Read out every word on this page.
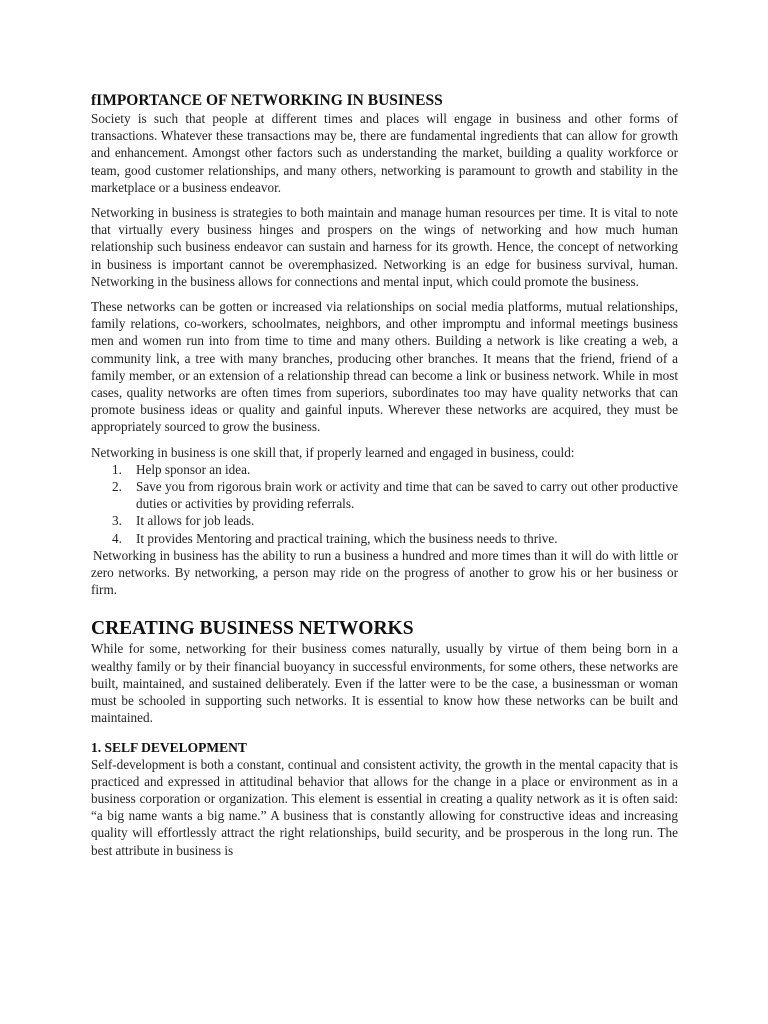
fIMPORTANCE OF NETWORKING IN BUSINESS

Society is such that people at different times and places will engage in business and other forms of transactions. Whatever these transactions may be, there are fundamental ingredients that can allow for growth and enhancement. Amongst other factors such as understanding the market, building a quality workforce or team, good customer relationships, and many others, networking is paramount to growth and stability in the marketplace or a business endeavor.

Networking in business is strategies to both maintain and manage human resources per time. It is vital to note that virtually every business hinges and prospers on the wings of networking and how much human relationship such business endeavor can sustain and harness for its growth. Hence, the concept of networking in business is important cannot be overemphasized. Networking is an edge for business survival, human. Networking in the business allows for connections and mental input, which could promote the business.

These networks can be gotten or increased via relationships on social media platforms, mutual relationships, family relations, co-workers, schoolmates, neighbors, and other impromptu and informal meetings business men and women run into from time to time and many others. Building a network is like creating a web, a community link, a tree with many branches, producing other branches. It means that the friend, friend of a family member, or an extension of a relationship thread can become a link or business network. While in most cases, quality networks are often times from superiors, subordinates too may have quality networks that can promote business ideas or quality and gainful inputs. Wherever these networks are acquired, they must be appropriately sourced to grow the business.

Networking in business is one skill that, if properly learned and engaged in business, could:

1. Help sponsor an idea.
2. Save you from rigorous brain work or activity and time that can be saved to carry out other productive duties or activities by providing referrals.
3. It allows for job leads.
4. It provides Mentoring and practical training, which the business needs to thrive.

Networking in business has the ability to run a business a hundred and more times than it will do with little or zero networks. By networking, a person may ride on the progress of another to grow his or her business or firm.

CREATING BUSINESS NETWORKS

While for some, networking for their business comes naturally, usually by virtue of them being born in a wealthy family or by their financial buoyancy in successful environments, for some others, these networks are built, maintained, and sustained deliberately. Even if the latter were to be the case, a businessman or woman must be schooled in supporting such networks. It is essential to know how these networks can be built and maintained.

1. SELF DEVELOPMENT

Self-development is both a constant, continual and consistent activity, the growth in the mental capacity that is practiced and expressed in attitudinal behavior that allows for the change in a place or environment as in a business corporation or organization. This element is essential in creating a quality network as it is often said: “a big name wants a big name.” A business that is constantly allowing for constructive ideas and increasing quality will effortlessly attract the right relationships, build security, and be prosperous in the long run. The best attribute in business is
